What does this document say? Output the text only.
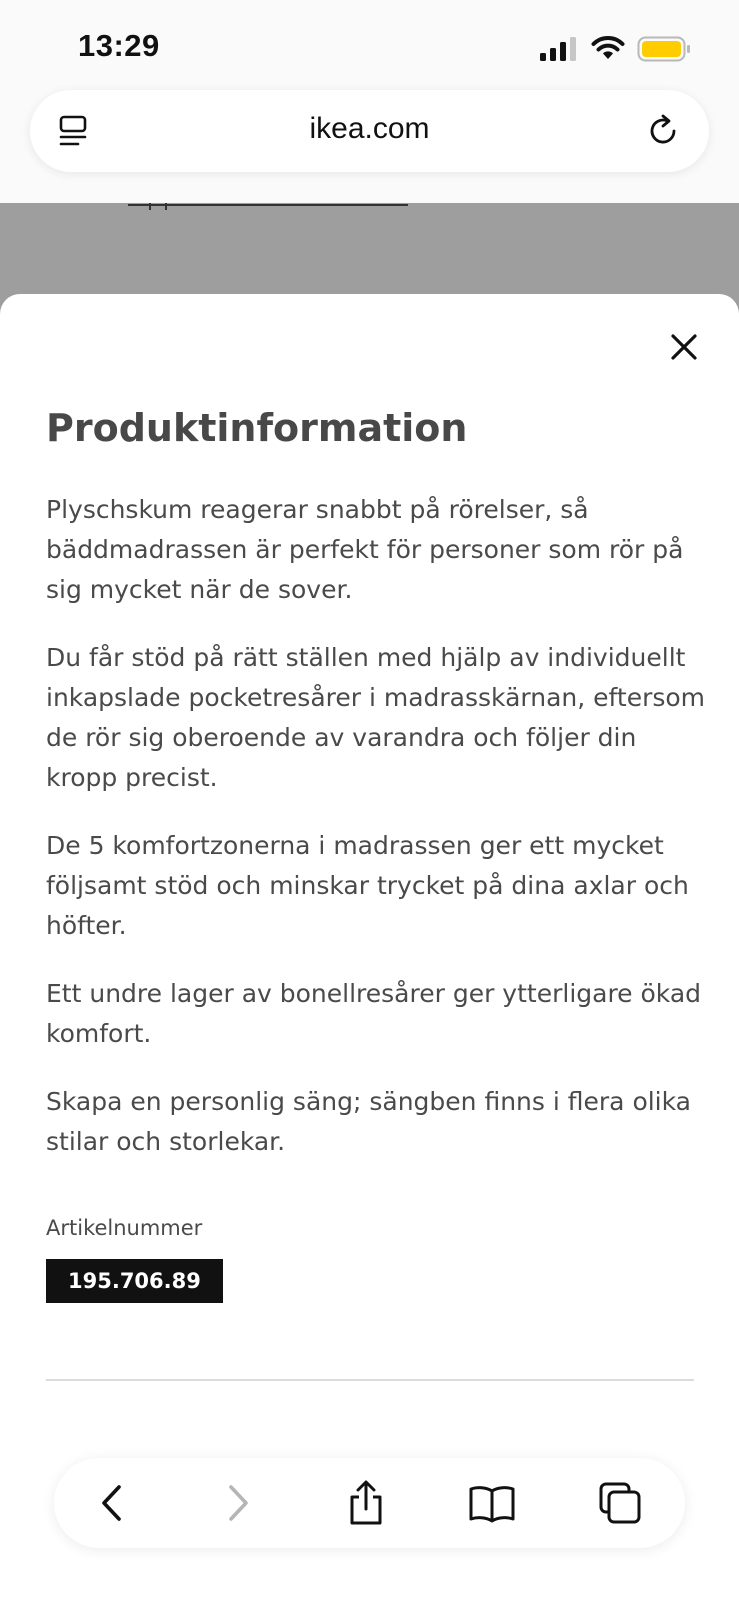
13:29
ikea.com
Produktinformation

Plyschskum reagerar snabbt på rörelser, så bäddmadrassen är perfekt för personer som rör på sig mycket när de sover.

Du får stöd på rätt ställen med hjälp av individuellt inkapslade pocketresårer i madrasskärnan, eftersom de rör sig oberoende av varandra och följer din kropp precist.

De 5 komfortzonerna i madrassen ger ett mycket följsamt stöd och minskar trycket på dina axlar och höfter.

Ett undre lager av bonellresårer ger ytterligare ökad komfort.

Skapa en personlig säng; sängben finns i flera olika stilar och storlekar.

Artikelnummer
195.706.89
